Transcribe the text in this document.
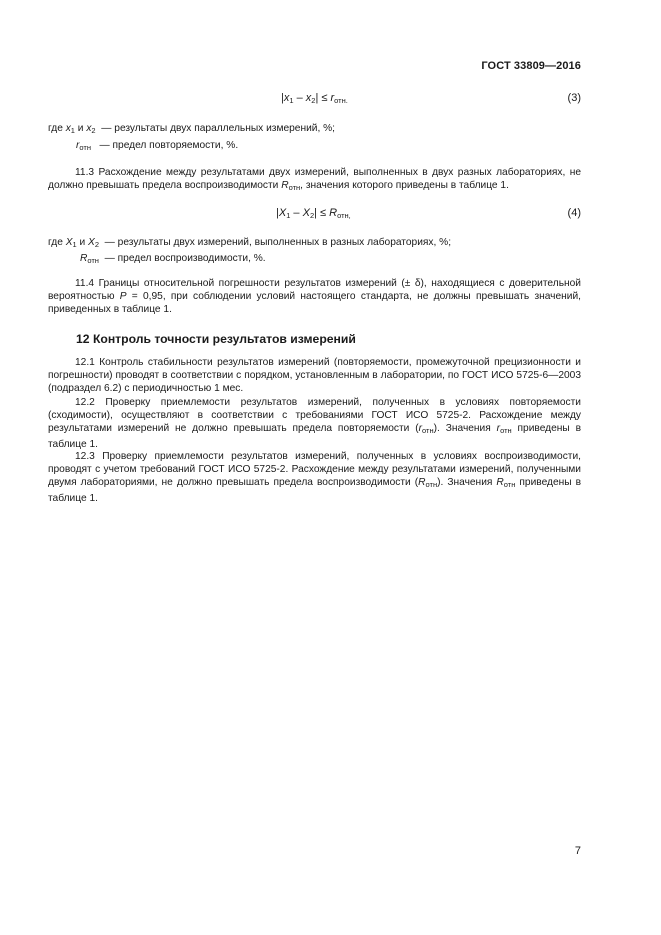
ГОСТ 33809—2016
$|x_1 - x_2| \le r_{отн.}$	(3)
где $x_1$ и $x_2$  — результаты двух параллельных измерений, %;
$r_{отн}$   — предел повторяемости, %.
11.3 Расхождение между результатами двух измерений, выполненных в двух разных лабораториях, не должно превышать предела воспроизводимости $R_{отн}$, значения которого приведены в таблице 1.
$|X_1 - X_2| \le R_{отн,}$	(4)
где $X_1$ и $X_2$  — результаты двух измерений, выполненных в разных лабораториях, %;
$R_{отн}$  — предел воспроизводимости, %.
11.4 Границы относительной погрешности результатов измерений (± δ), находящиеся с доверительной вероятностью P = 0,95, при соблюдении условий настоящего стандарта, не должны превышать значений, приведенных в таблице 1.
12 Контроль точности результатов измерений
12.1 Контроль стабильности результатов измерений (повторяемости, промежуточной прецизионности и погрешности) проводят в соответствии с порядком, установленным в лаборатории, по ГОСТ ИСО 5725-6—2003 (подраздел 6.2) с периодичностью 1 мес.
12.2 Проверку приемлемости результатов измерений, полученных в условиях повторяемости (сходимости), осуществляют в соответствии с требованиями ГОСТ ИСО 5725-2. Расхождение между результатами измерений не должно превышать предела повторяемости $(r_{отн})$. Значения $r_{отн}$ приведены в таблице 1.
12.3 Проверку приемлемости результатов измерений, полученных в условиях воспроизводимости, проводят с учетом требований ГОСТ ИСО 5725-2. Расхождение между результатами измерений, полученными двумя лабораториями, не должно превышать предела воспроизводимости $(R_{отн})$. Значения $R_{отн}$ приведены в таблице 1.
7
